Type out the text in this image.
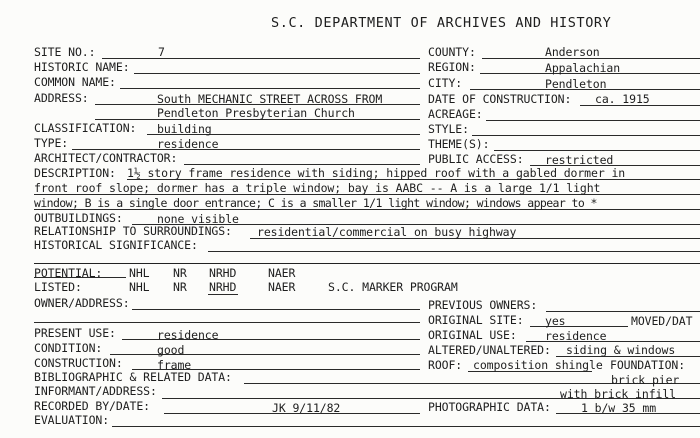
S.C. DEPARTMENT OF ARCHIVES AND HISTORY
SITE NO.:	7	COUNTY:	Anderson
HISTORIC NAME:	REGION:	Appalachian
COMMON NAME:	CITY:	Pendleton
ADDRESS:	South MECHANIC STREET ACROSS FROM	DATE OF CONSTRUCTION: ca. 1915
Pendleton Presbyterian Church	ACREAGE:
CLASSIFICATION: building	STYLE:
TYPE:	residence	THEME(S):
ARCHITECT/CONTRACTOR:	PUBLIC ACCESS: restricted
DESCRIPTION: 1½ story frame residence with siding; hipped roof with a gabled dormer in
front roof slope; dormer has a triple window; bay is AABC -- A is a large 1/1 light
window; B is a single door entrance; C is a smaller 1/1 light window; windows appear to *
OUTBUILDINGS:	none visible
RELATIONSHIP TO SURROUNDINGS: residential/commercial on busy highway
HISTORICAL SIGNIFICANCE:
POTENTIAL: NHL NR NRHD	NAER
LISTED:	NHL NR NRHD	NAER	S.C. MARKER PROGRAM
OWNER/ADDRESS:	PREVIOUS OWNERS:
ORIGINAL SITE: yes	MOVED/DAT
PRESENT USE:	residence	ORIGINAL USE: residence
CONDITION:	good	ALTERED/UNALTERED: siding & windows
CONSTRUCTION:	frame	ROOF: composition shingle FOUNDATION:
BIBLIOGRAPHIC & RELATED DATA:	brick pier
INFORMANT/ADDRESS:	with brick infill
RECORDED BY/DATE:	JK 9/11/82	PHOTOGRAPHIC DATA:	1 b/w 35 mm
EVALUATION:
